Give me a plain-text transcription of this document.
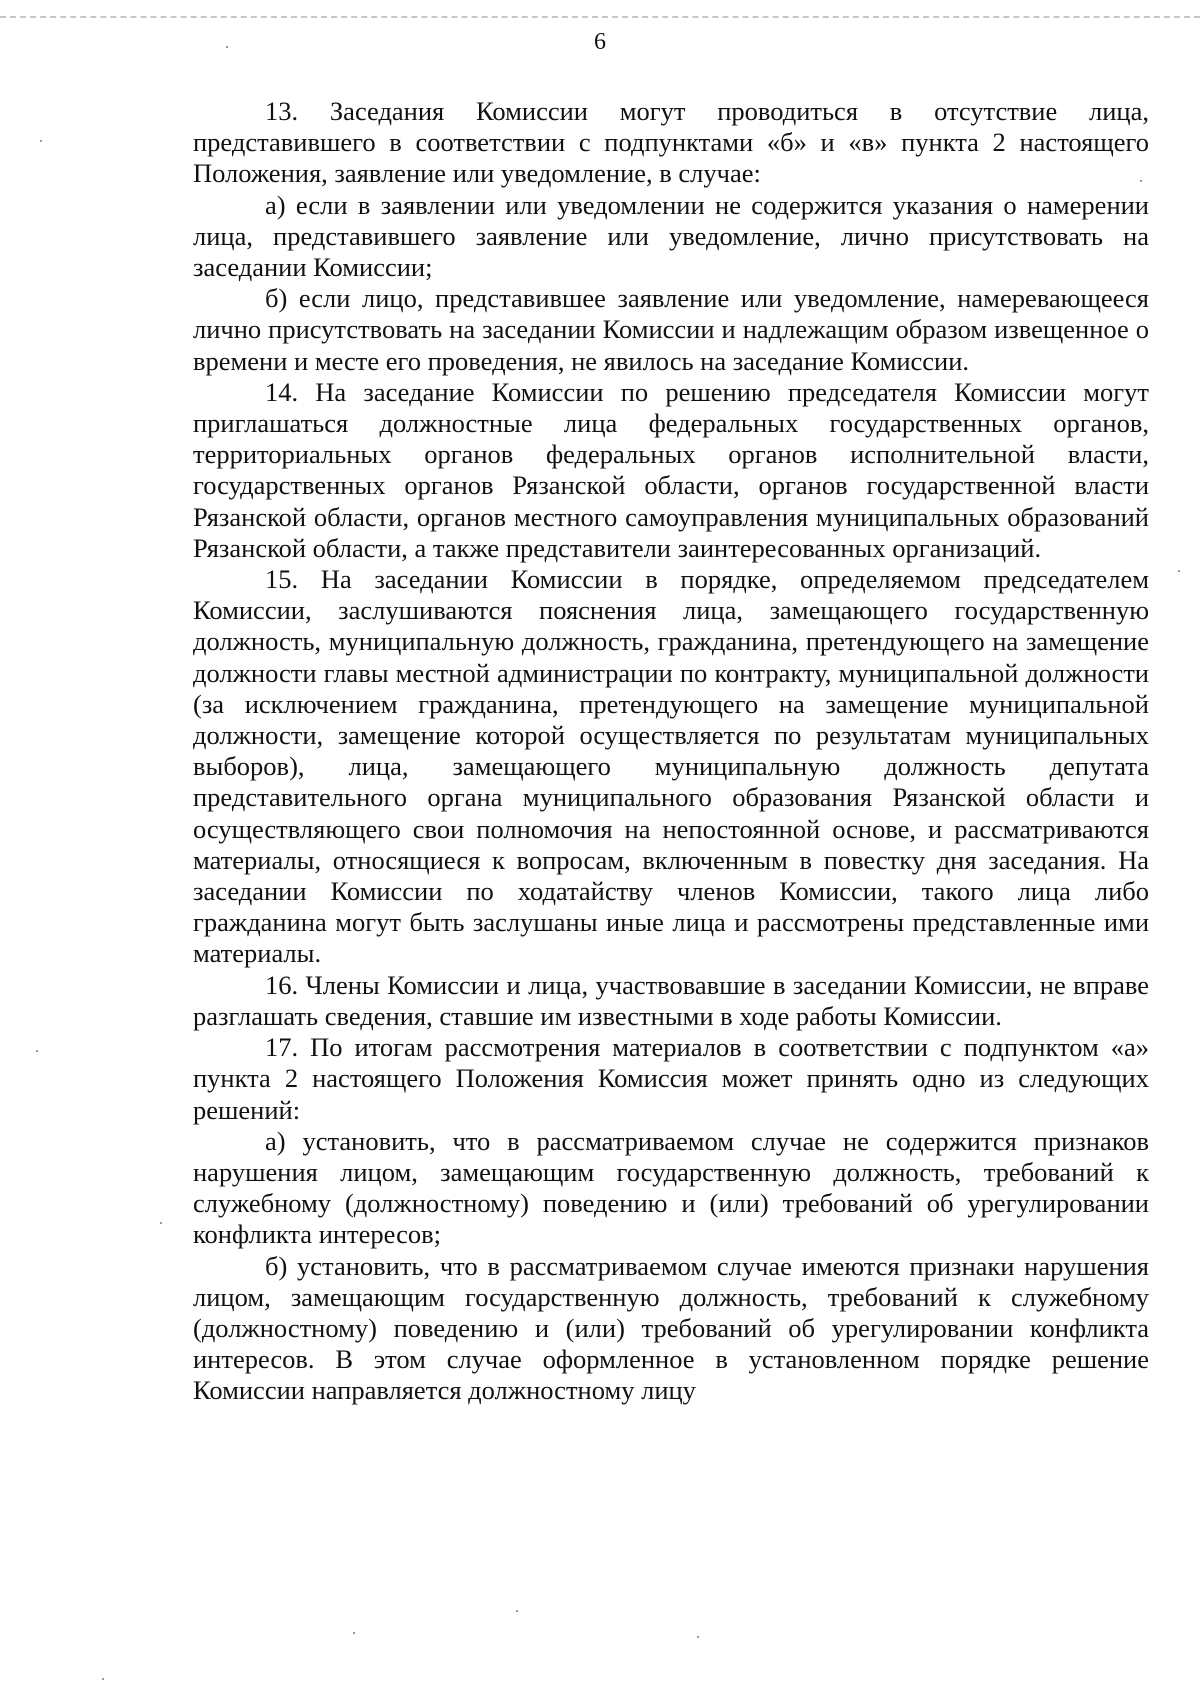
6

13. Заседания Комиссии могут проводиться в отсутствие лица, представившего в соответствии с подпунктами «б» и «в» пункта 2 настоящего Положения, заявление или уведомление, в случае:

а) если в заявлении или уведомлении не содержится указания о намерении лица, представившего заявление или уведомление, лично присутствовать на заседании Комиссии;

б) если лицо, представившее заявление или уведомление, намеревающееся лично присутствовать на заседании Комиссии и надлежащим образом извещенное о времени и месте его проведения, не явилось на заседание Комиссии.

14. На заседание Комиссии по решению председателя Комиссии могут приглашаться должностные лица федеральных государственных органов, территориальных органов федеральных органов исполнительной власти, государственных органов Рязанской области, органов государственной власти Рязанской области, органов местного самоуправления муниципальных образований Рязанской области, а также представители заинтересованных организаций.

15. На заседании Комиссии в порядке, определяемом председателем Комиссии, заслушиваются пояснения лица, замещающего государственную должность, муниципальную должность, гражданина, претендующего на замещение должности главы местной администрации по контракту, муниципальной должности (за исключением гражданина, претендующего на замещение муниципальной должности, замещение которой осуществляется по результатам муниципальных выборов), лица, замещающего муниципальную должность депутата представительного органа муниципального образования Рязанской области и осуществляющего свои полномочия на непостоянной основе, и рассматриваются материалы, относящиеся к вопросам, включенным в повестку дня заседания. На заседании Комиссии по ходатайству членов Комиссии, такого лица либо гражданина могут быть заслушаны иные лица и рассмотрены представленные ими материалы.

16. Члены Комиссии и лица, участвовавшие в заседании Комиссии, не вправе разглашать сведения, ставшие им известными в ходе работы Комиссии.

17. По итогам рассмотрения материалов в соответствии с подпунктом «а» пункта 2 настоящего Положения Комиссия может принять одно из следующих решений:

а) установить, что в рассматриваемом случае не содержится признаков нарушения лицом, замещающим государственную должность, требований к служебному (должностному) поведению и (или) требований об урегулировании конфликта интересов;

б) установить, что в рассматриваемом случае имеются признаки нарушения лицом, замещающим государственную должность, требований к служебному (должностному) поведению и (или) требований об урегулировании конфликта интересов. В этом случае оформленное в установленном порядке решение Комиссии направляется должностному лицу
